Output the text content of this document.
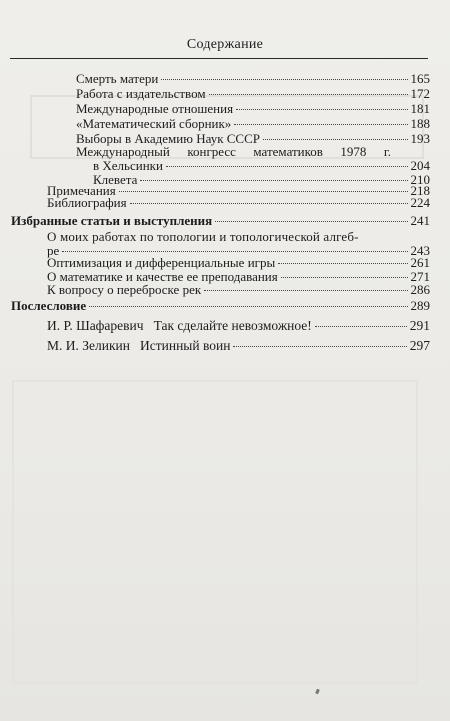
Содержание
Смерть матери	165
Работа с издательством	172
Международные отношения	181
«Математический сборник»	188
Выборы в Академию Наук СССР	193
Международный конгресс математиков 1978 г.
в Хельсинки	204
Клевета	210
Примечания	218
Библиография	224
Избранные статьи и выступления	241
О моих работах по топологии и топологической алгеб-
ре	243
Оптимизация и дифференциальные игры	261
О математике и качестве ее преподавания	271
К вопросу о переброске рек	286
Послесловие	289
И. Р. Шафаревич Так сделайте невозможное!	291
М. И. Зеликин Истинный воин	297
